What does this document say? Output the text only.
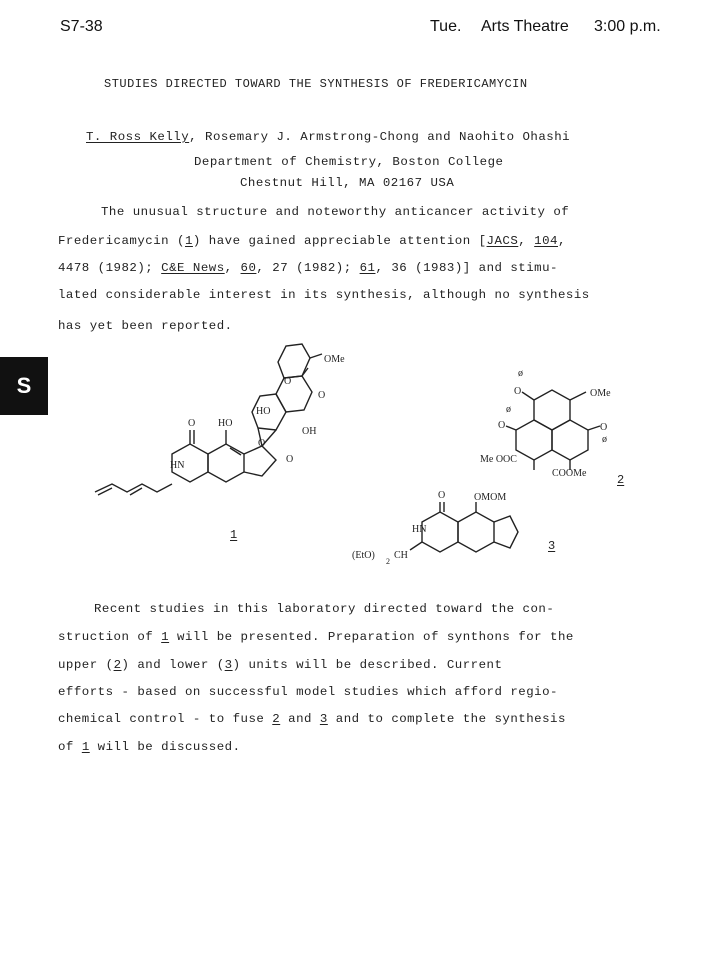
S7-38	Tue. Arts Theatre 3:00 p.m.
S
STUDIES DIRECTED TOWARD THE SYNTHESIS OF FREDERICAMYCIN
T. Ross Kelly, Rosemary J. Armstrong-Chong and Naohito Ohashi
Department of Chemistry, Boston College
Chestnut Hill, MA 02167 USA
The unusual structure and noteworthy anticancer activity of
Fredericamycin (1) have gained appreciable attention [JACS, 104,
4478 (1982); C&E News, 60, 27 (1982); 61, 36 (1983)] and stimu-
lated considerable interest in its synthesis, although no synthesis
has yet been reported.
OMe
O
O
HO
OH
O HO
HN
O
O
1
OMe
O
O	O
ø
ø
ø
Me OOC
COOMe	2
OMOM
O
HN
(EtO)
2
CH
3
Recent studies in this laboratory directed toward the con-
struction of 1 will be presented. Preparation of synthons for the
upper (2) and lower (3) units will be described. Current
efforts - based on successful model studies which afford regio-
chemical control - to fuse 2 and 3 and to complete the synthesis
of 1 will be discussed.
